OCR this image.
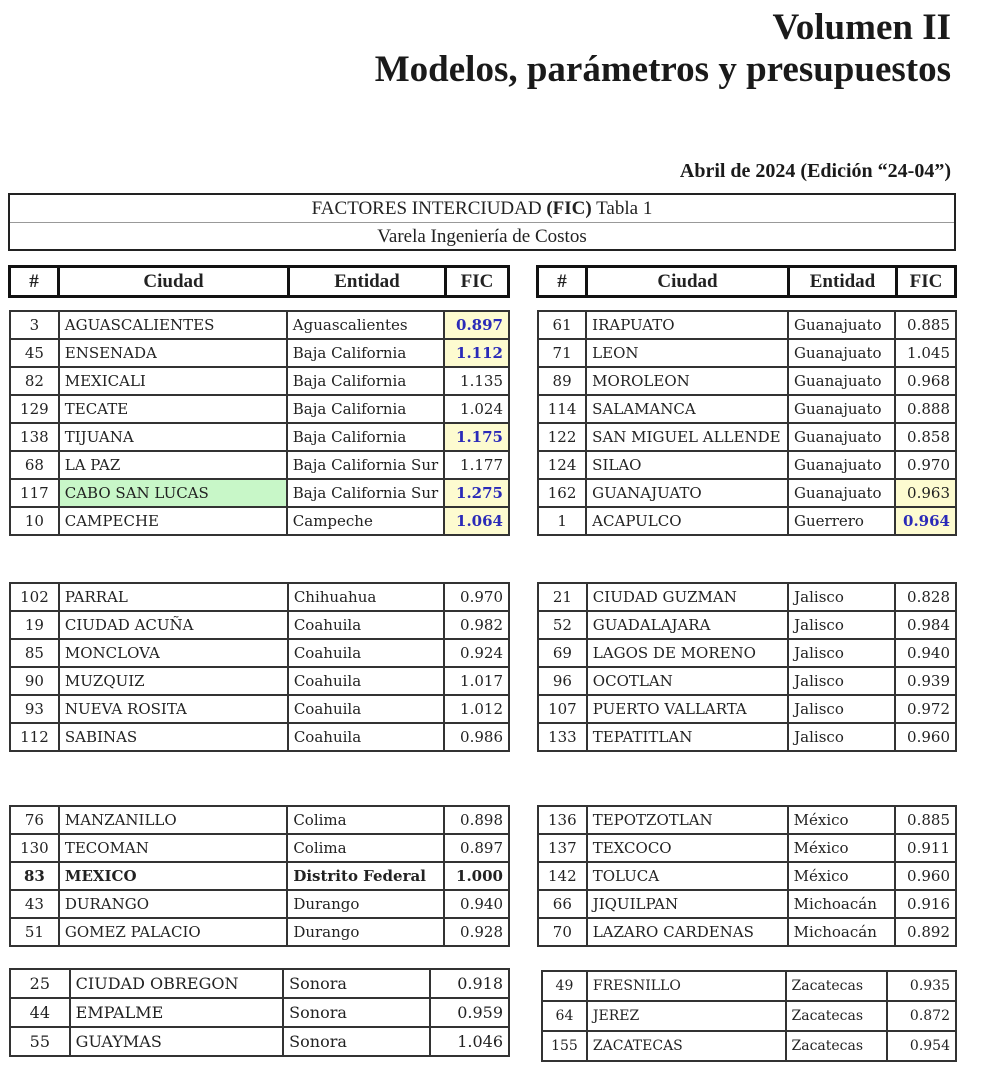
Volumen II
Modelos, parámetros y presupuestos
Abril de 2024 (Edición “24-04”)
FACTORES INTERCIUDAD (FIC) Tabla 1
Varela Ingeniería de Costos
#	Ciudad	Entidad	FIC	#	Ciudad	Entidad	FIC
3	AGUASCALIENTES	Aguascalientes	0.897
45	ENSENADA	Baja California	1.112
82	MEXICALI	Baja California	1.135
129	TECATE	Baja California	1.024
138	TIJUANA	Baja California	1.175
68	LA PAZ	Baja California Sur	1.177
117	CABO SAN LUCAS	Baja California Sur	1.275
10	CAMPECHE	Campeche	1.064
61	IRAPUATO	Guanajuato	0.885
71	LEON	Guanajuato	1.045
89	MOROLEON	Guanajuato	0.968
114	SALAMANCA	Guanajuato	0.888
122	SAN MIGUEL ALLENDE	Guanajuato	0.858
124	SILAO	Guanajuato	0.970
162	GUANAJUATO	Guanajuato	0.963
1	ACAPULCO	Guerrero	0.964
102	PARRAL	Chihuahua	0.970
19	CIUDAD ACUÑA	Coahuila	0.982
85	MONCLOVA	Coahuila	0.924
90	MUZQUIZ	Coahuila	1.017
93	NUEVA ROSITA	Coahuila	1.012
112	SABINAS	Coahuila	0.986
21	CIUDAD GUZMAN	Jalisco	0.828
52	GUADALAJARA	Jalisco	0.984
69	LAGOS DE MORENO	Jalisco	0.940
96	OCOTLAN	Jalisco	0.939
107	PUERTO VALLARTA	Jalisco	0.972
133	TEPATITLAN	Jalisco	0.960
76	MANZANILLO	Colima	0.898
130	TECOMAN	Colima	0.897
83	MEXICO	Distrito Federal	1.000
43	DURANGO	Durango	0.940
51	GOMEZ PALACIO	Durango	0.928
136	TEPOTZOTLAN	México	0.885
137	TEXCOCO	México	0.911
142	TOLUCA	México	0.960
66	JIQUILPAN	Michoacán	0.916
70	LAZARO CARDENAS	Michoacán	0.892
25	CIUDAD OBREGON	Sonora	0.918
44	EMPALME	Sonora	0.959
55	GUAYMAS	Sonora	1.046
49	FRESNILLO	Zacatecas	0.935
64	JEREZ	Zacatecas	0.872
155	ZACATECAS	Zacatecas	0.954
